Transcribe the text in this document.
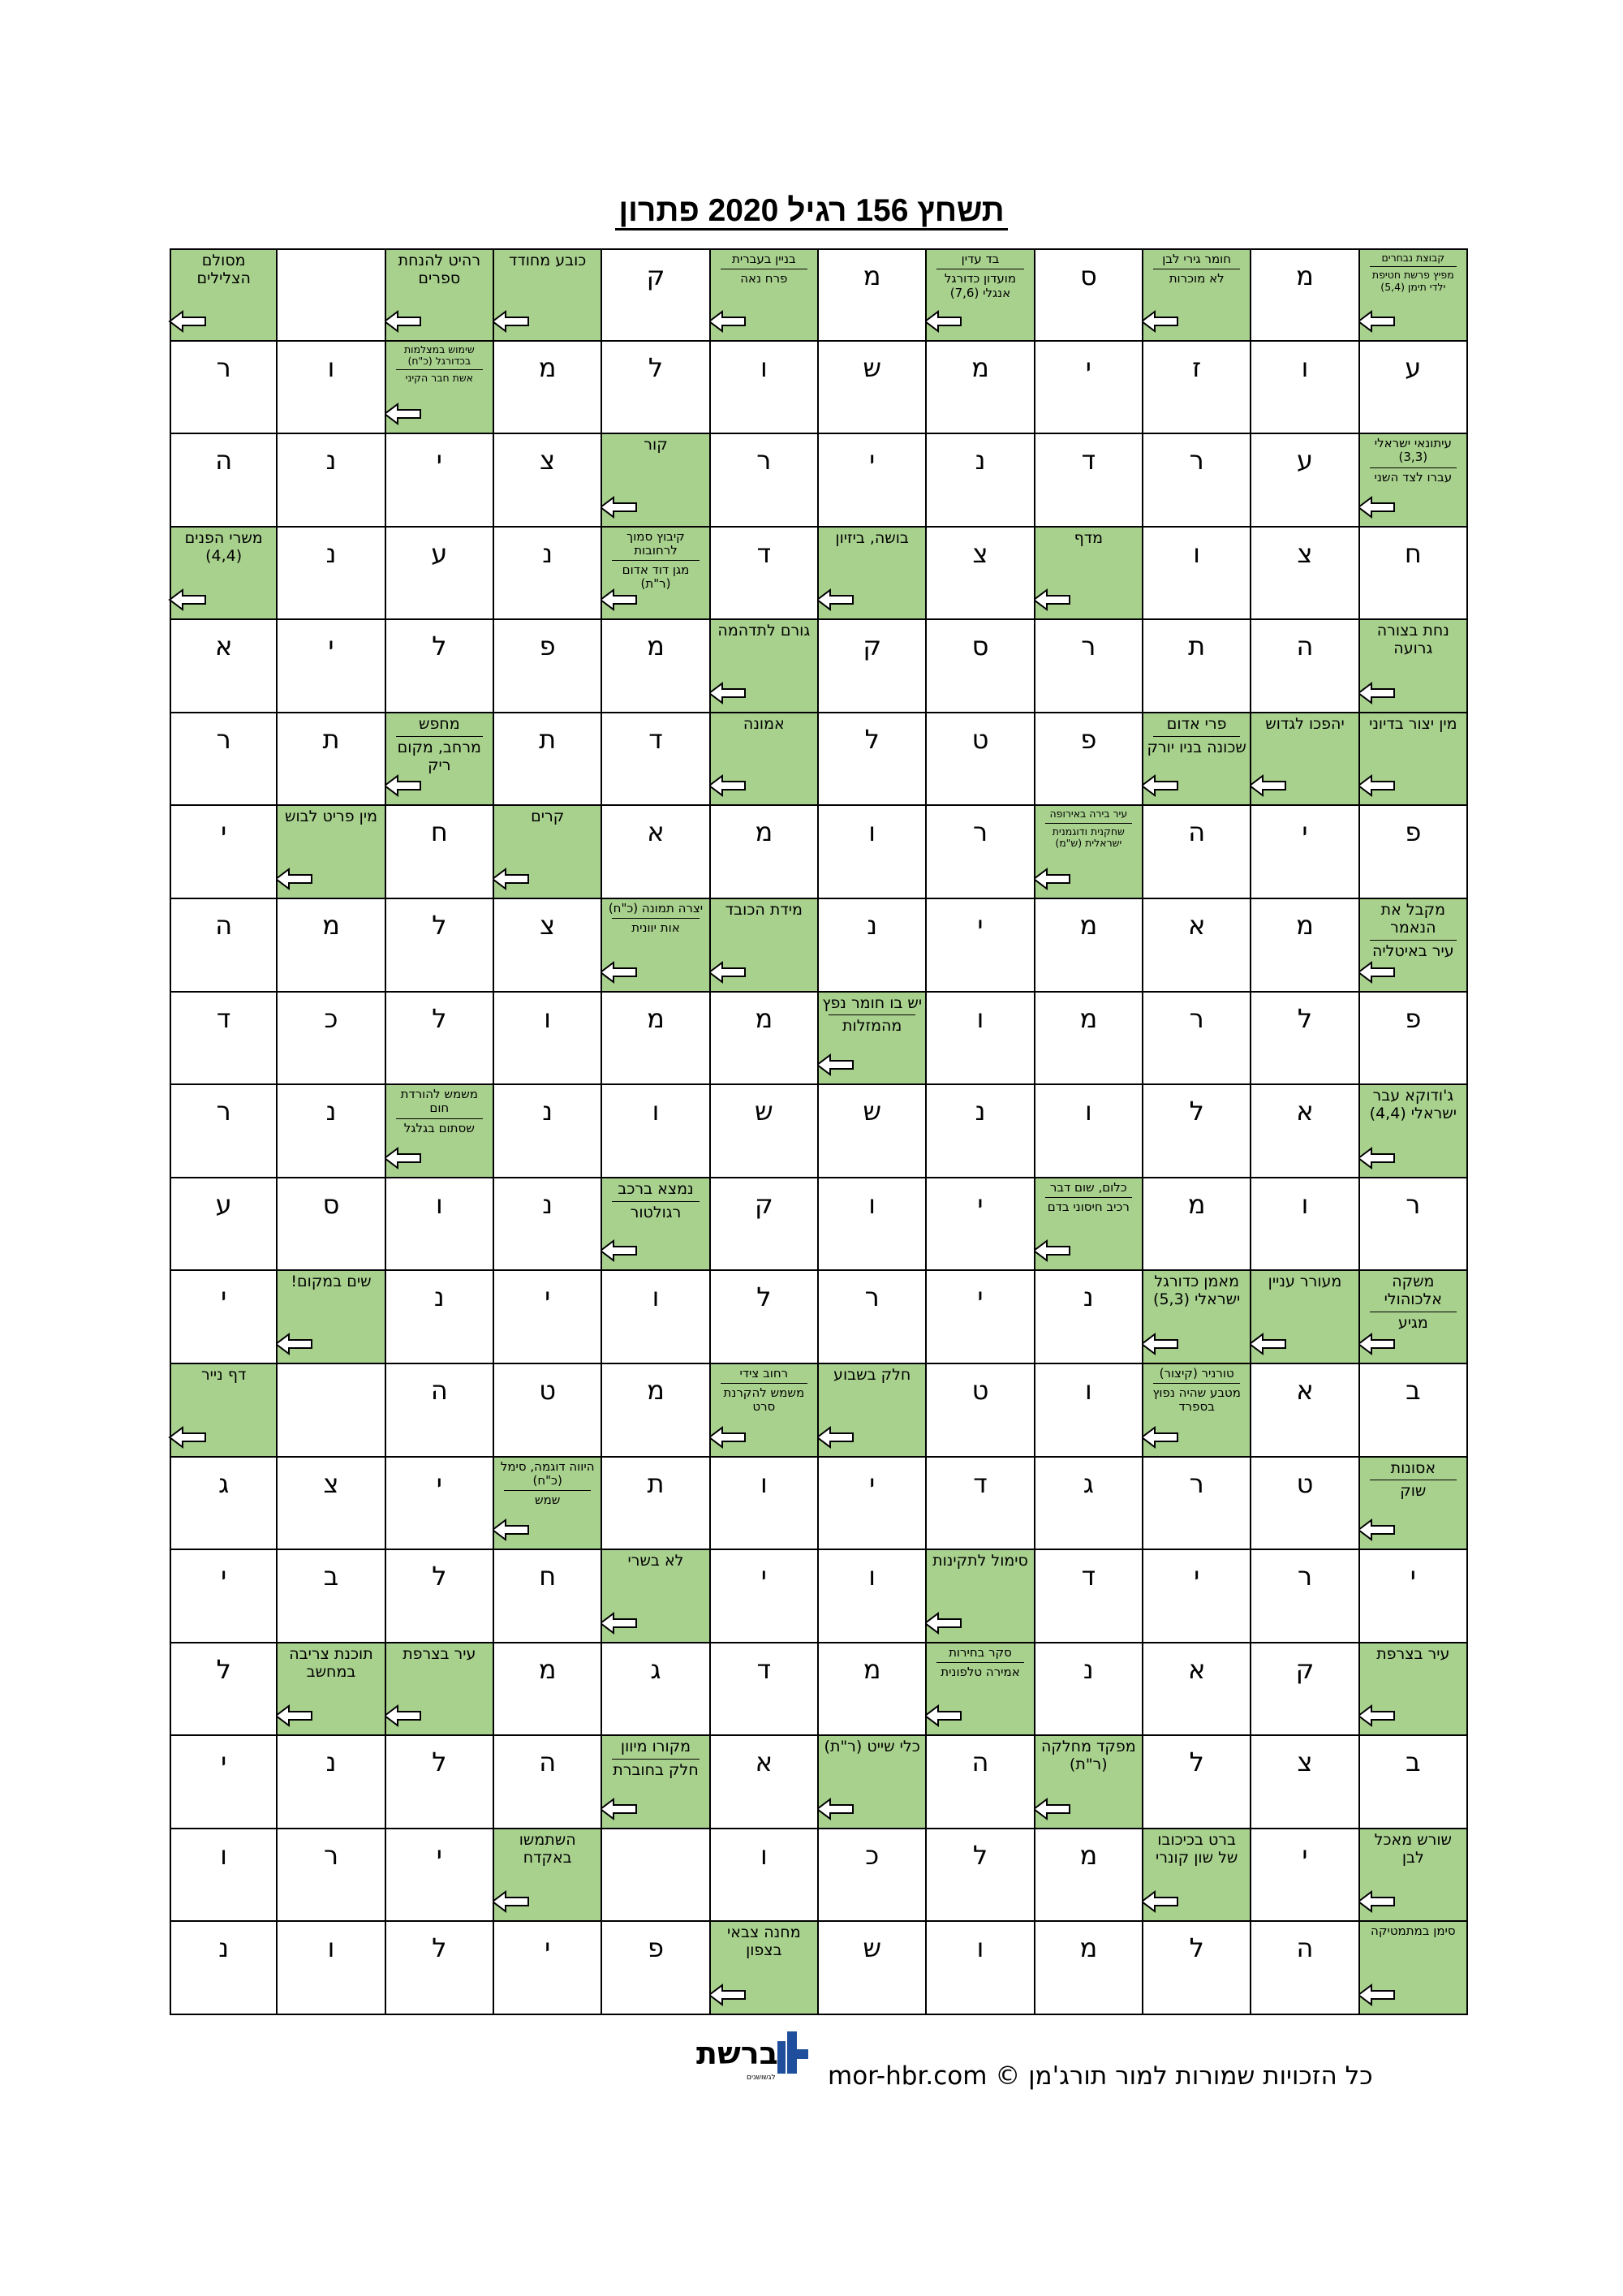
תשחץ 156 רגיל 2020 פתרון
קבוצת נבחרים
מפיץ פרשת חטיפת ילדי תימן (5,4)
מ
חומר גירי לבן
לא מוכרות
ס
בד עדין
מועדון כדורגל אנגלי (7,6)
מ
בניין בעברית
פרח נאה
ק
כובע מחודד
רהיט להנחת ספרים
מסולם הצלילים
ע
ו
ז
י
מ
ש
ו
ל
מ
שימוש במצלמות בכדורגל (כ"ח)
אשת חבר הקיני
ו
ר
עיתונאי ישראלי (3,3)
עברו לצד השני
ע
ר
ד
נ
י
ר
קור
צ
י
נ
ה
ח
צ
ו
מדף
צ
בושה, ביזיון
ד
קיבוץ סמוך לרחובות
מגן דוד אדום (ר"ת)
נ
ע
נ
משרי הפנים (4,4)
נחת בצורה גרועה
ה
ת
ר
ס
ק
גורם לתדהמה
מ
פ
ל
י
א
מין יצור בדיוני
יהפכו לגדוש
פרי אדום
שכונה בניו יורק
פ
ט
ל
אמונה
ד
ת
מחפש
מרחב, מקום ריק
ת
ר
פ
י
ה
עיר בירה באירופה
שחקנית ודוגמנית ישראלית (ש"מ)
ר
ו
מ
א
קרים
ח
מין פריט לבוש
י
מקבל את הנאמר
עיר באיטליה
מ
א
מ
י
נ
מידת הכובד
יצרה תמונה (כ"ח)
אות יוונית
צ
ל
מ
ה
פ
ל
ר
מ
ו
יש בו חומר נפץ
מהמזלות
מ
מ
ו
ל
כ
ד
ג'ודוקא עבר ישראלי (4,4)
א
ל
ו
נ
ש
ש
ו
נ
משמש להורדת חום
שסתום בגלגל
נ
ר
ר
ו
מ
כלום, שום דבר
רכיב חיסוני בדם
י
ו
ק
נמצא ברכב
רגולטור
נ
ו
ס
ע
משקה אלכוהולי
מגיע
מעורר עניין
מאמן כדורגל ישראלי (5,3)
נ
י
ר
ל
ו
י
נ
שים במקום!
י
ב
א
טורניר (קיצור)
מטבע שהיה נפוץ בספרד
ו
ט
חלק בשבוע
רחוב צידי
משמש להקרנת סרט
מ
ט
ה
דף נייר
אסונות
שוק
ט
ר
ג
ד
י
ו
ת
היווה דוגמה, סימל (כ"ח)
שמש
י
צ
ג
י
ר
י
ד
סימול לתקינות
ו
י
לא בשרי
ח
ל
ב
י
עיר בצרפת
ק
א
נ
סקר בחירות
אמירה טלפונית
מ
ד
ג
מ
עיר בצרפת
תוכנת צריבה במחשב
ל
ב
צ
ל
מפקד מחלקה (ר"ת)
ה
כלי שייט (ר"ת)
א
מקורו מיוון
חלק בחוברת
ה
ל
נ
י
שורש מאכל לבן
י
ברט בכיכובו של שון קונרי
מ
ל
כ
ו
השתמשו באקדח
י
ר
ו
סימן במתמטיקה
ה
ל
מ
ו
ש
מחנה צבאי בצפון
פ
י
ל
ו
נ
ברשת
לגשושנים כל הזכויות שמורות למור תורג'מן © mor-hbr.com
